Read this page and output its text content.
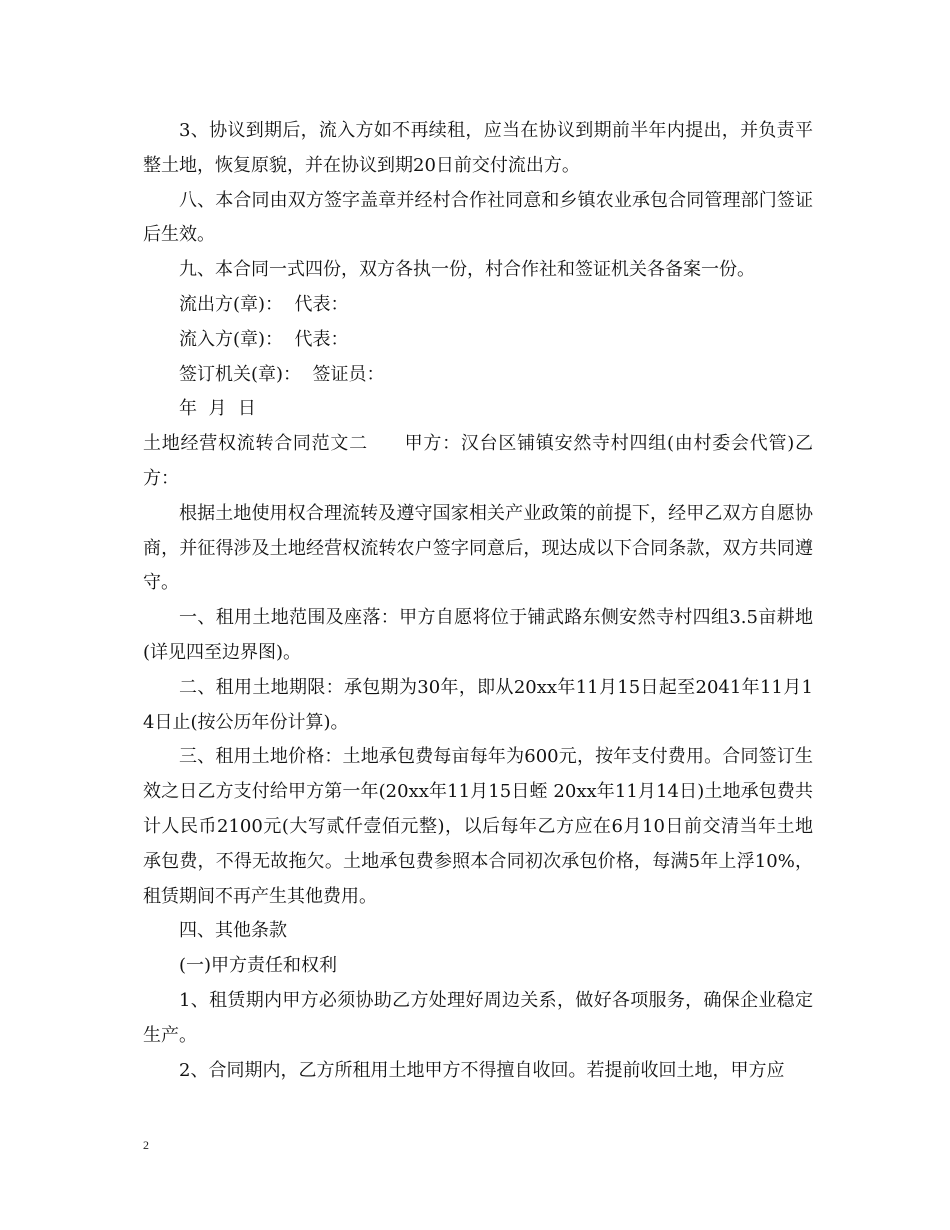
3、协议到期后，流入方如不再续租，应当在协议到期前半年内提出，并负责平整土地，恢复原貌，并在协议到期20日前交付流出方。

八、本合同由双方签字盖章并经村合作社同意和乡镇农业承包合同管理部门签证后生效。

九、本合同一式四份，双方各执一份，村合作社和签证机关各备案一份。

流出方(章)：  代表：

流入方(章)：  代表：

签订机关(章)：  签证员：

年  月  日

土地经营权流转合同范文二 甲方：汉台区铺镇安然寺村四组(由村委会代管)乙方：

根据土地使用权合理流转及遵守国家相关产业政策的前提下，经甲乙双方自愿协商，并征得涉及土地经营权流转农户签字同意后，现达成以下合同条款，双方共同遵守。

一、租用土地范围及座落：甲方自愿将位于铺武路东侧安然寺村四组3.5亩耕地(详见四至边界图)。

二、租用土地期限：承包期为30年，即从20xx年11月15日起至2041年11月14日止(按公历年份计算)。

三、租用土地价格：土地承包费每亩每年为600元，按年支付费用。合同签订生效之日乙方支付给甲方第一年(20xx年11月15日蛭 20xx年11月14日)土地承包费共计人民币2100元(大写贰仟壹佰元整)，以后每年乙方应在6月10日前交清当年土地承包费，不得无故拖欠。土地承包费参照本合同初次承包价格，每满5年上浮10%，租赁期间不再产生其他费用。

四、其他条款

(一)甲方责任和权利

1、租赁期内甲方必须协助乙方处理好周边关系，做好各项服务，确保企业稳定生产。

2、合同期内，乙方所租用土地甲方不得擅自收回。若提前收回土地，甲方应

2
